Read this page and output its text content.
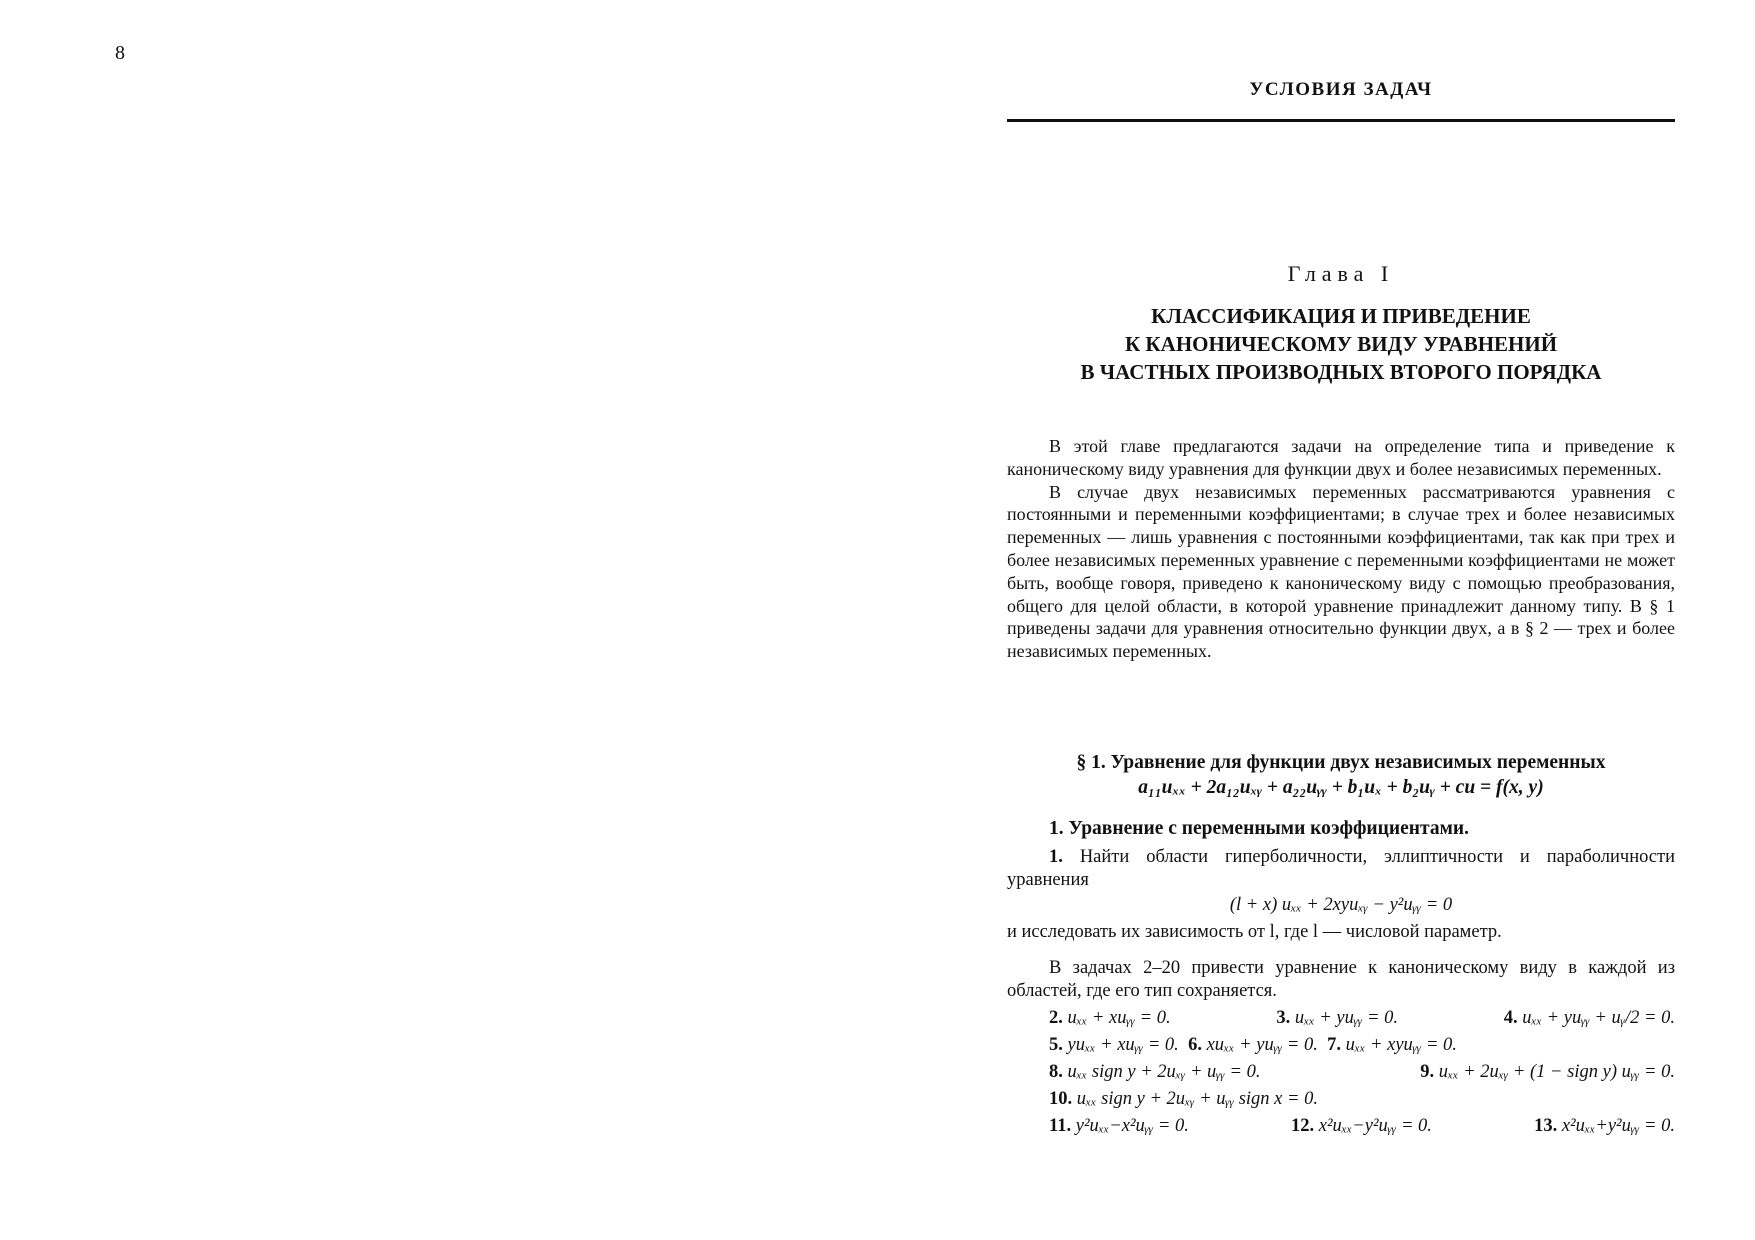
8
УСЛОВИЯ ЗАДАЧ
Глава I
КЛАССИФИКАЦИЯ И ПРИВЕДЕНИЕ
К КАНОНИЧЕСКОМУ ВИДУ УРАВНЕНИЙ
В ЧАСТНЫХ ПРОИЗВОДНЫХ ВТОРОГО ПОРЯДКА

В этой главе предлагаются задачи на определение типа и приведение к каноническому виду уравнения для функции двух и более независимых переменных.

В случае двух независимых переменных рассматриваются уравнения с постоянными и переменными коэффициентами; в случае трех и более независимых переменных — лишь уравнения с постоянными коэффициентами, так как при трех и более независимых переменных уравнение с переменными коэффициентами не может быть, вообще говоря, приведено к каноническому виду с помощью преобразования, общего для целой области, в которой уравнение принадлежит данному типу. В § 1 приведены задачи для уравнения относительно функции двух, а в § 2 — трех и более независимых переменных.

§ 1. Уравнение для функции двух независимых переменных
a₁₁uₓₓ + 2a₁₂uₓᵧ + a₂₂uᵧᵧ + b₁uₓ + b₂uᵧ + cu = f(x, y)
1. Уравнение с переменными коэффициентами.

1. Найти области гиперболичности, эллиптичности и параболичности уравнения

(l + x) uₓₓ + 2xyuₓᵧ − y²uᵧᵧ = 0

и исследовать их зависимость от l, где l — числовой параметр.

В задачах 2–20 привести уравнение к каноническому виду в каждой из областей, где его тип сохраняется.
2. uₓₓ + xuᵧᵧ = 0.	3. uₓₓ + yuᵧᵧ = 0.	4. uₓₓ + yuᵧᵧ + uᵧ/2 = 0.
5. yuₓₓ + xuᵧᵧ = 0.
6. xuₓₓ + yuᵧᵧ = 0.
7. uₓₓ + xyuᵧᵧ = 0.
8. uₓₓ sign y + 2uₓᵧ + uᵧᵧ = 0.	9. uₓₓ + 2uₓᵧ + (1 − sign y) uᵧᵧ = 0.
10. uₓₓ sign y + 2uₓᵧ + uᵧᵧ sign x = 0.
11. y²uₓₓ−x²uᵧᵧ = 0.	12. x²uₓₓ−y²uᵧᵧ = 0.	13. x²uₓₓ+y²uᵧᵧ = 0.
